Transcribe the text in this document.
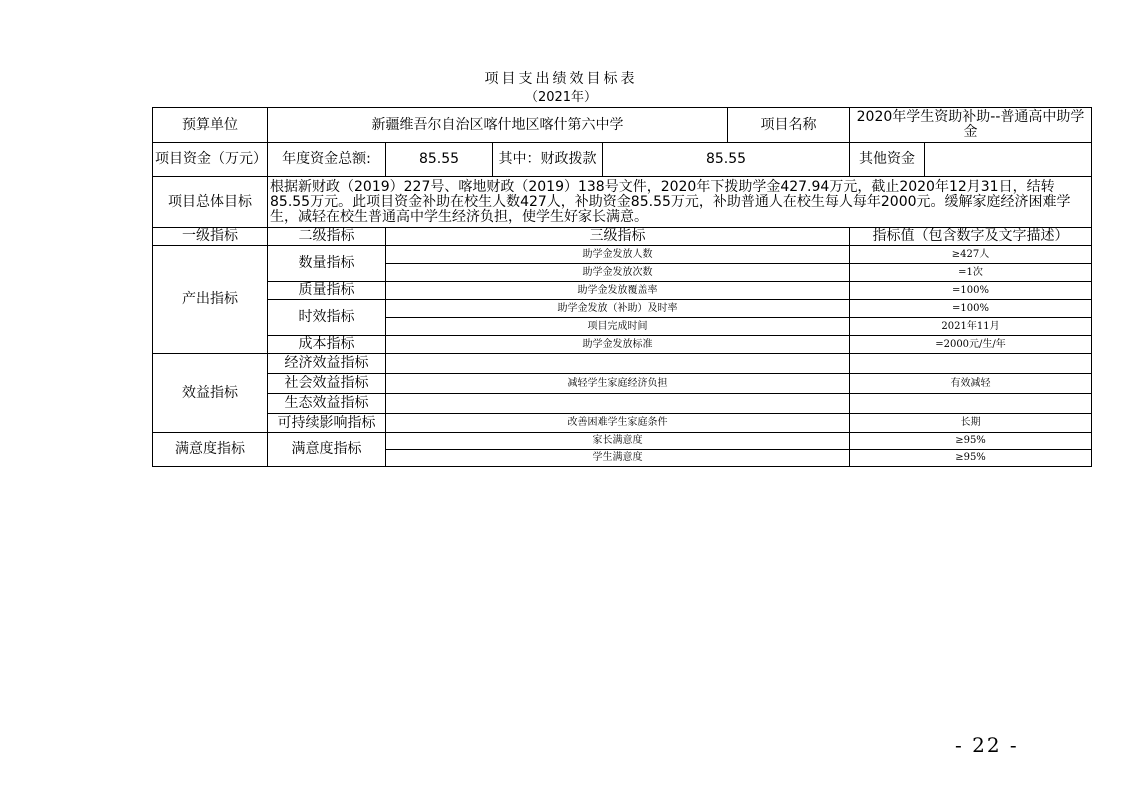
项目支出绩效目标表
（2021年）
预算单位	新疆维吾尔自治区喀什地区喀什第六中学				项目名称	2020年学生资助补助--普通高中助学金	
项目资金（万元）	年度资金总额:	85.55	其中：财政拨款	85.55		其他资金	
项目总体目标	根据新财政（2019）227号、喀地财政（2019）138号文件，2020年下拨助学金427.94万元，截止2020年12月31日，结转85.55万元。此项目资金补助在校生人数427人，补助资金85.55万元，补助普通人在校生每人每年2000元。缓解家庭经济困难学生，减轻在校生普通高中学生经济负担，使学生好家长满意。						
一级指标	二级指标	三级指标				指标值（包含数字及文字描述）	
产出指标	数量指标	助学金发放人数				≥427人	
		助学金发放次数				=1次	
	质量指标	助学金发放覆盖率				=100%	
	时效指标	助学金发放（补助）及时率				=100%	
		项目完成时间				2021年11月	
	成本指标	助学金发放标准				=2000元/生/年	
效益指标	经济效益指标						
	社会效益指标	减轻学生家庭经济负担				有效减轻	
	生态效益指标						
	可持续影响指标	改善困难学生家庭条件				长期	
满意度指标	满意度指标	家长满意度				≥95%	
		学生满意度				≥95%	
- 22 -
